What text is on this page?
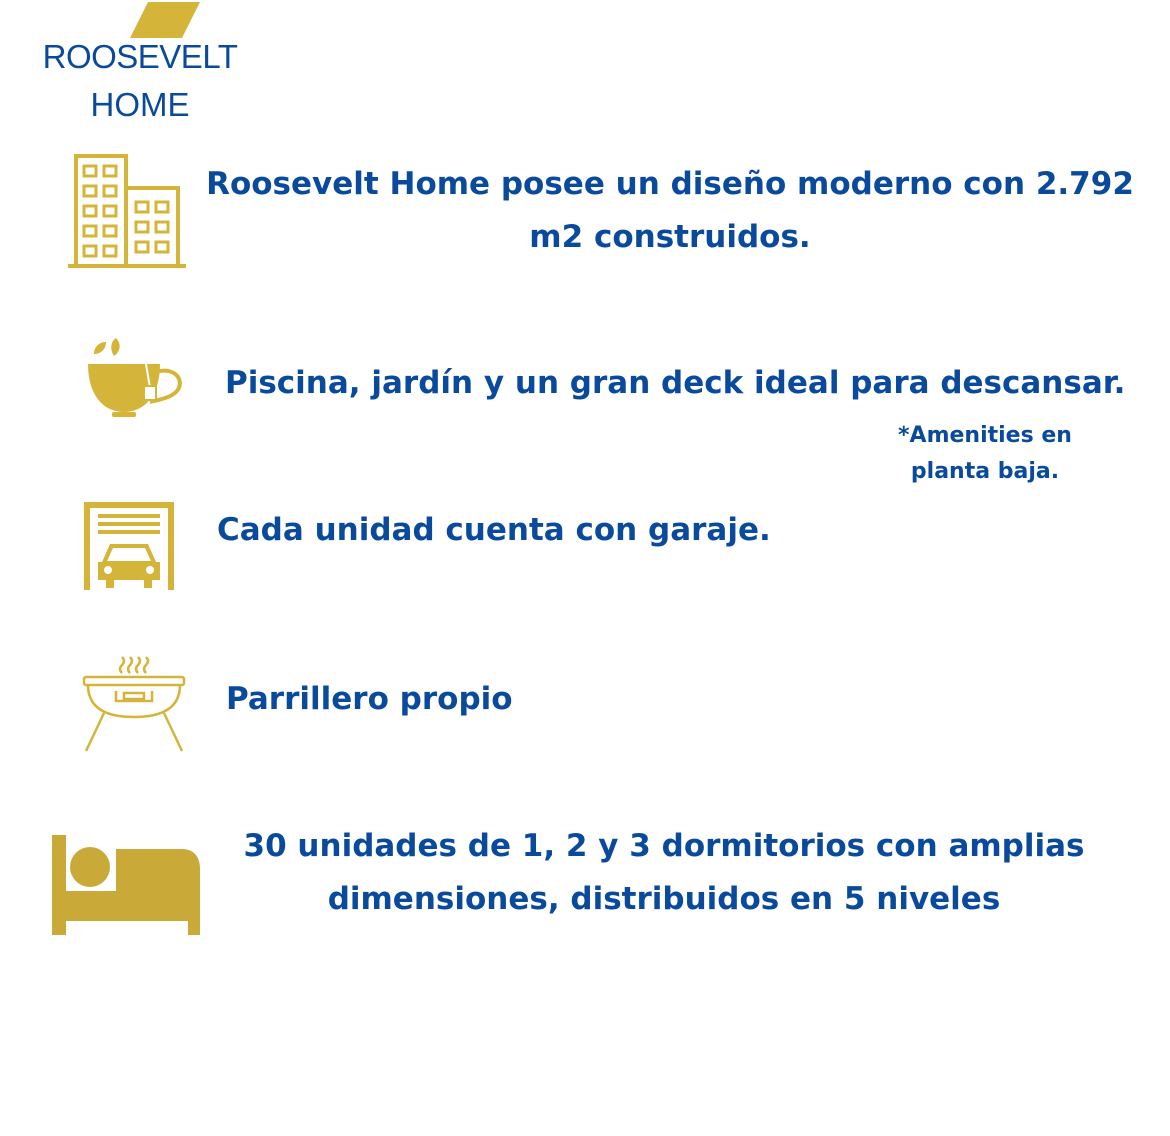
ROOSEVELT
HOME
Roosevelt Home posee un diseño moderno con 2.792
m2 construidos.
Piscina, jardín y un gran deck ideal para descansar.
*Amenities en
planta baja.
Cada unidad cuenta con garaje.
Parrillero propio
30 unidades de 1, 2 y 3 dormitorios con amplias
dimensiones, distribuidos en 5 niveles
